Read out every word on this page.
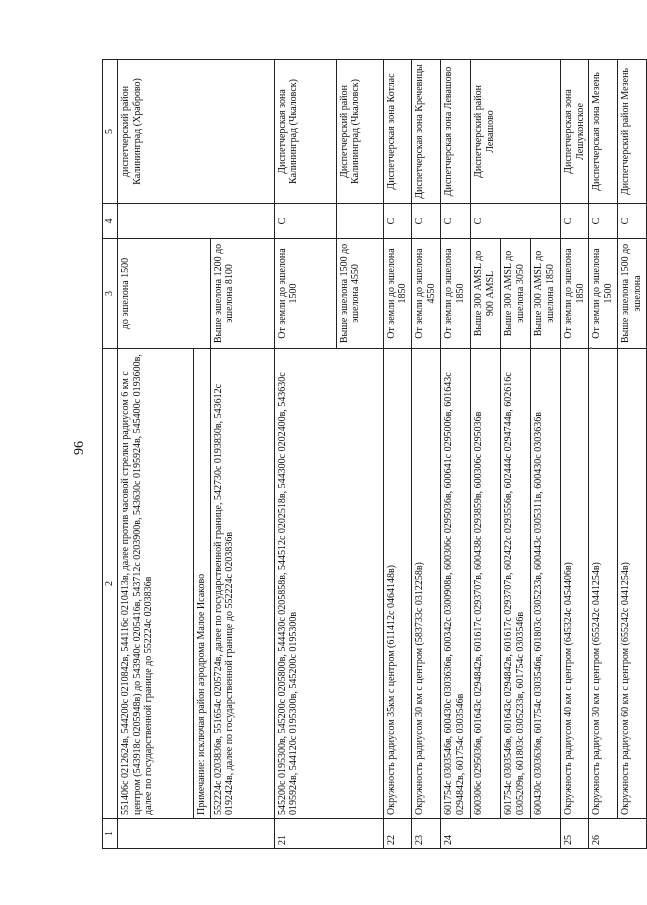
96
1	2	3	4	5
	551406с 0212624в, 544200с 0210842в, 544116с 0210413в, далее против часовой стрелки радиусом 6 км с центром (543918с 0205948в) до 543940с 0205416в, 543712с 0203900в, 543630с 0195924в, 545400с 0193600в, далее по государственной границе до 552224с 0203836в	до эшелона 1500		диспетчерский район Калининград (Храброво)
	Примечание: исключая район аэродрома Малое Исаково			
	552224с 0203836в, 551654с 0205724в, далее по государственной границе, 542730с 0193830в, 543612с 0192424в, далее по государственной границе до 552224с 0203836в	Выше эшелона 1200 до эшелона 8100		
21	545200с 0195300в, 545200с 0205800в, 544430с 0205858в, 544512с 0202518в, 544300с 0202400в, 543630с 0195924в, 544120с 0195300в, 545200с 0195300в	От земли до эшелона 1500	С	Диспетчерская зона Калининград (Чкаловск)
		Выше эшелона 1500 до эшелона 4550		Диспетчерский район Калининград (Чкаловск)
22	Окружность радиусом 35км с центром (611412с 0464148в)	От земли до эшелона 1850	С	Диспетчерская зона Котлас
23	Окружность радиусом 30 км с центром (583733с 0312258в)	От земли до эшелона 4550	С	Диспетчерская зона Кречевицы
24	601754с 0303546в, 600430с 0303636в, 600342с 0300908в, 600306с 0295036в, 600641с 0295006в, 601643с 0294842в, 601754с 0303546в	От земли до эшелона 1850	С	Диспетчерская зона Левашово
	600306с 0295036в, 601643с 0294842в, 601617с 0293707в, 600438с 0293859в, 600306с 0295036в	Выше 300 AMSL до 900 AMSL	С	Диспетчерский район Левашово
	601754с 0303546в, 601643с 0294842в, 601617с 0293707в, 602422с 0293556в, 602444с 0294744в, 602616с 0305209в, 601803с 0305233в, 601754с 0303546в	Выше 300 AMSL до эшелона 3050		
	600430с 0303636в, 601754с 0303546в, 601803с 0305233в, 600443с 0305311в, 600430с 0303636в	Выше 300 AMSL до эшелона 1850		
25	Окружность радиусом 40 км с центром (645324с 0454406в)	От земли до эшелона 1850	С	Диспетчерская зона Лешуконское
26	Окружность радиусом 30 км с центром (655242с 0441254в)	От земли до эшелона 1500	С	Диспетчерская зона Мезень
	Окружность радиусом 60 км с центром (655242с 0441254в)	Выше эшелона 1500 до эшелона	С	Диспетчерский район Мезень
